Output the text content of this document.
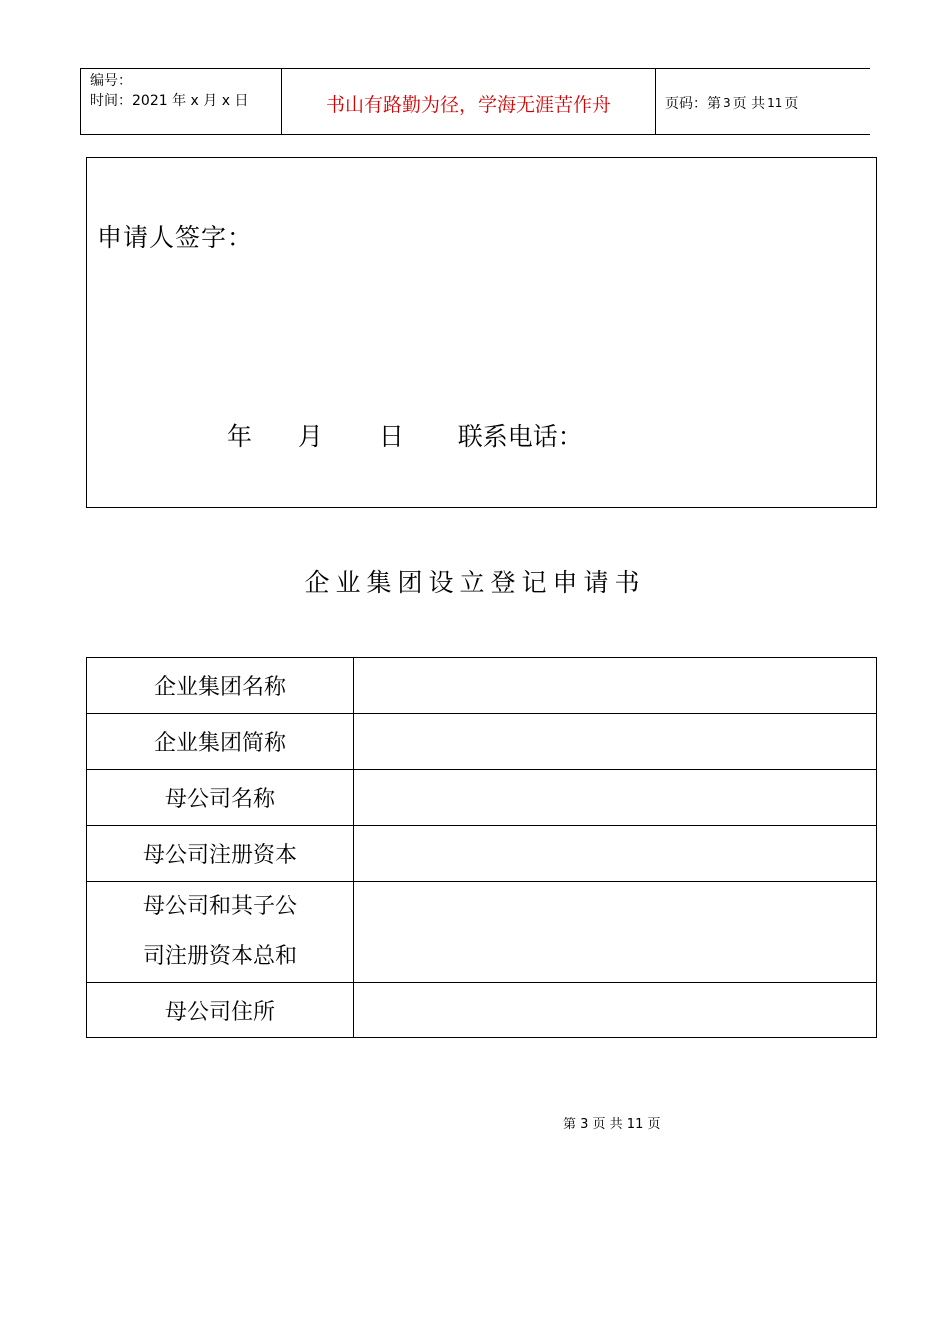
编号：
时间：2021 年 x 月 x 日	书山有路勤为径，学海无涯苦作舟	页码：第 3 页 共 11 页
申请人签字：
年 月 日 联系电话：
企业集团设立登记申请书
企业集团名称	
企业集团简称	
母公司名称	
母公司注册资本	

母公司和其子公
司注册资本总和	

母公司住所	
第 3 页 共 11 页
